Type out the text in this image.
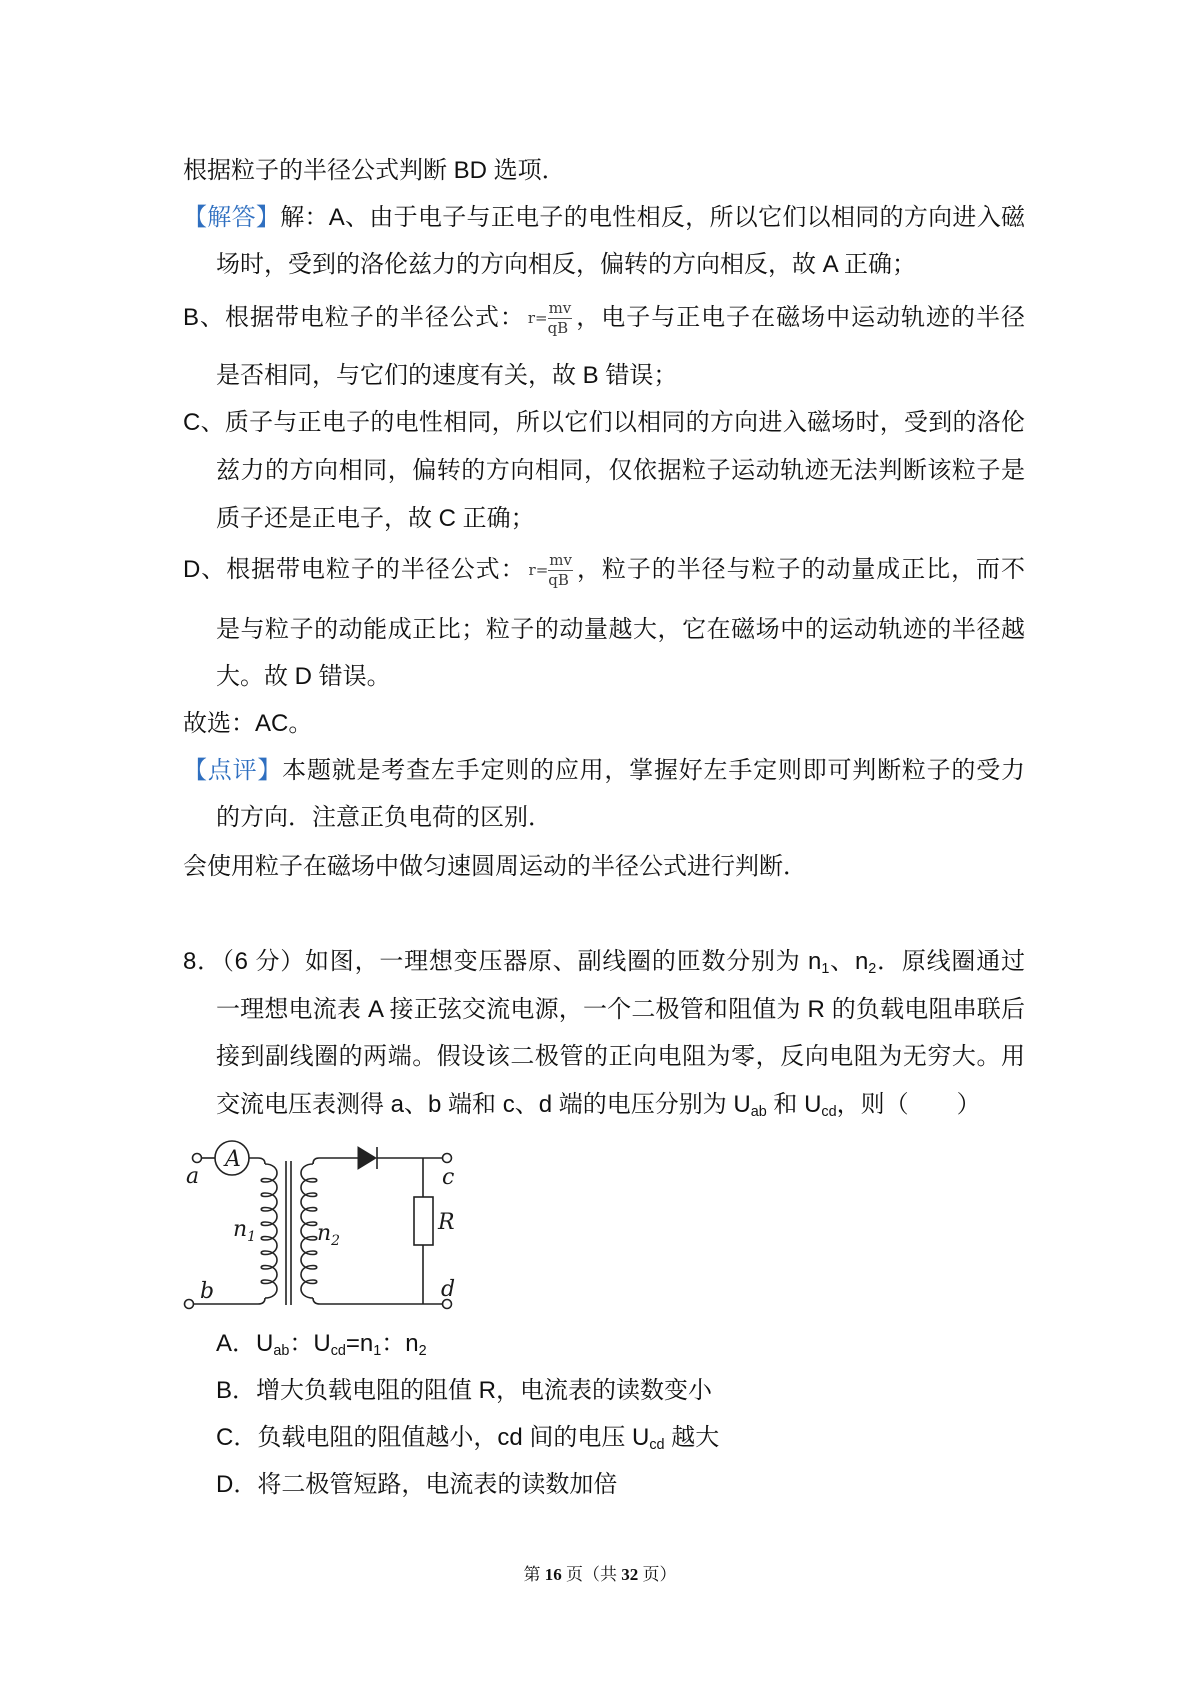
根据粒子的半径公式判断 BD 选项．
【解答】解：A、由于电子与正电子的电性相反，所以它们以相同的方向进入磁
场时，受到的洛伦兹力的方向相反，偏转的方向相反，故 A 正确；
B、根据带电粒子的半径公式： $r= \frac{mv}{qB}$ ，电子与正电子在磁场中运动轨迹的半径
是否相同，与它们的速度有关，故 B 错误；
C、质子与正电子的电性相同，所以它们以相同的方向进入磁场时，受到的洛伦
兹力的方向相同，偏转的方向相同，仅依据粒子运动轨迹无法判断该粒子是
质子还是正电子，故 C 正确；
D、根据带电粒子的半径公式： $r= \frac{mv}{qB}$ ，粒子的半径与粒子的动量成正比，而不
是与粒子的动能成正比；粒子的动量越大，它在磁场中的运动轨迹的半径越
大。故 D 错误。
故选：AC。
【点评】本题就是考查左手定则的应用，掌握好左手定则即可判断粒子的受力
的方向．注意正负电荷的区别．
会使用粒子在磁场中做匀速圆周运动的半径公式进行判断．
8．（6 分）如图，一理想变压器原、副线圈的匝数分别为 $n_1$、$n_2$．原线圈通过
一理想电流表 A 接正弦交流电源，一个二极管和阻值为 R 的负载电阻串联后
接到副线圈的两端。假设该二极管的正向电阻为零，反向电阻为无穷大。用
交流电压表测得 a、b 端和 c、d 端的电压分别为 $U_{ab}$ 和 $U_{cd}$，则（　　）
a
b
c
d
A
R
$n_1$	$n_2$
A．$U_{ab}$：$U_{cd}=n_1$：$n_2$
B．增大负载电阻的阻值 R，电流表的读数变小
C．负载电阻的阻值越小，cd 间的电压 $U_{cd}$ 越大
D．将二极管短路，电流表的读数加倍
第 16 页（共 32 页）
